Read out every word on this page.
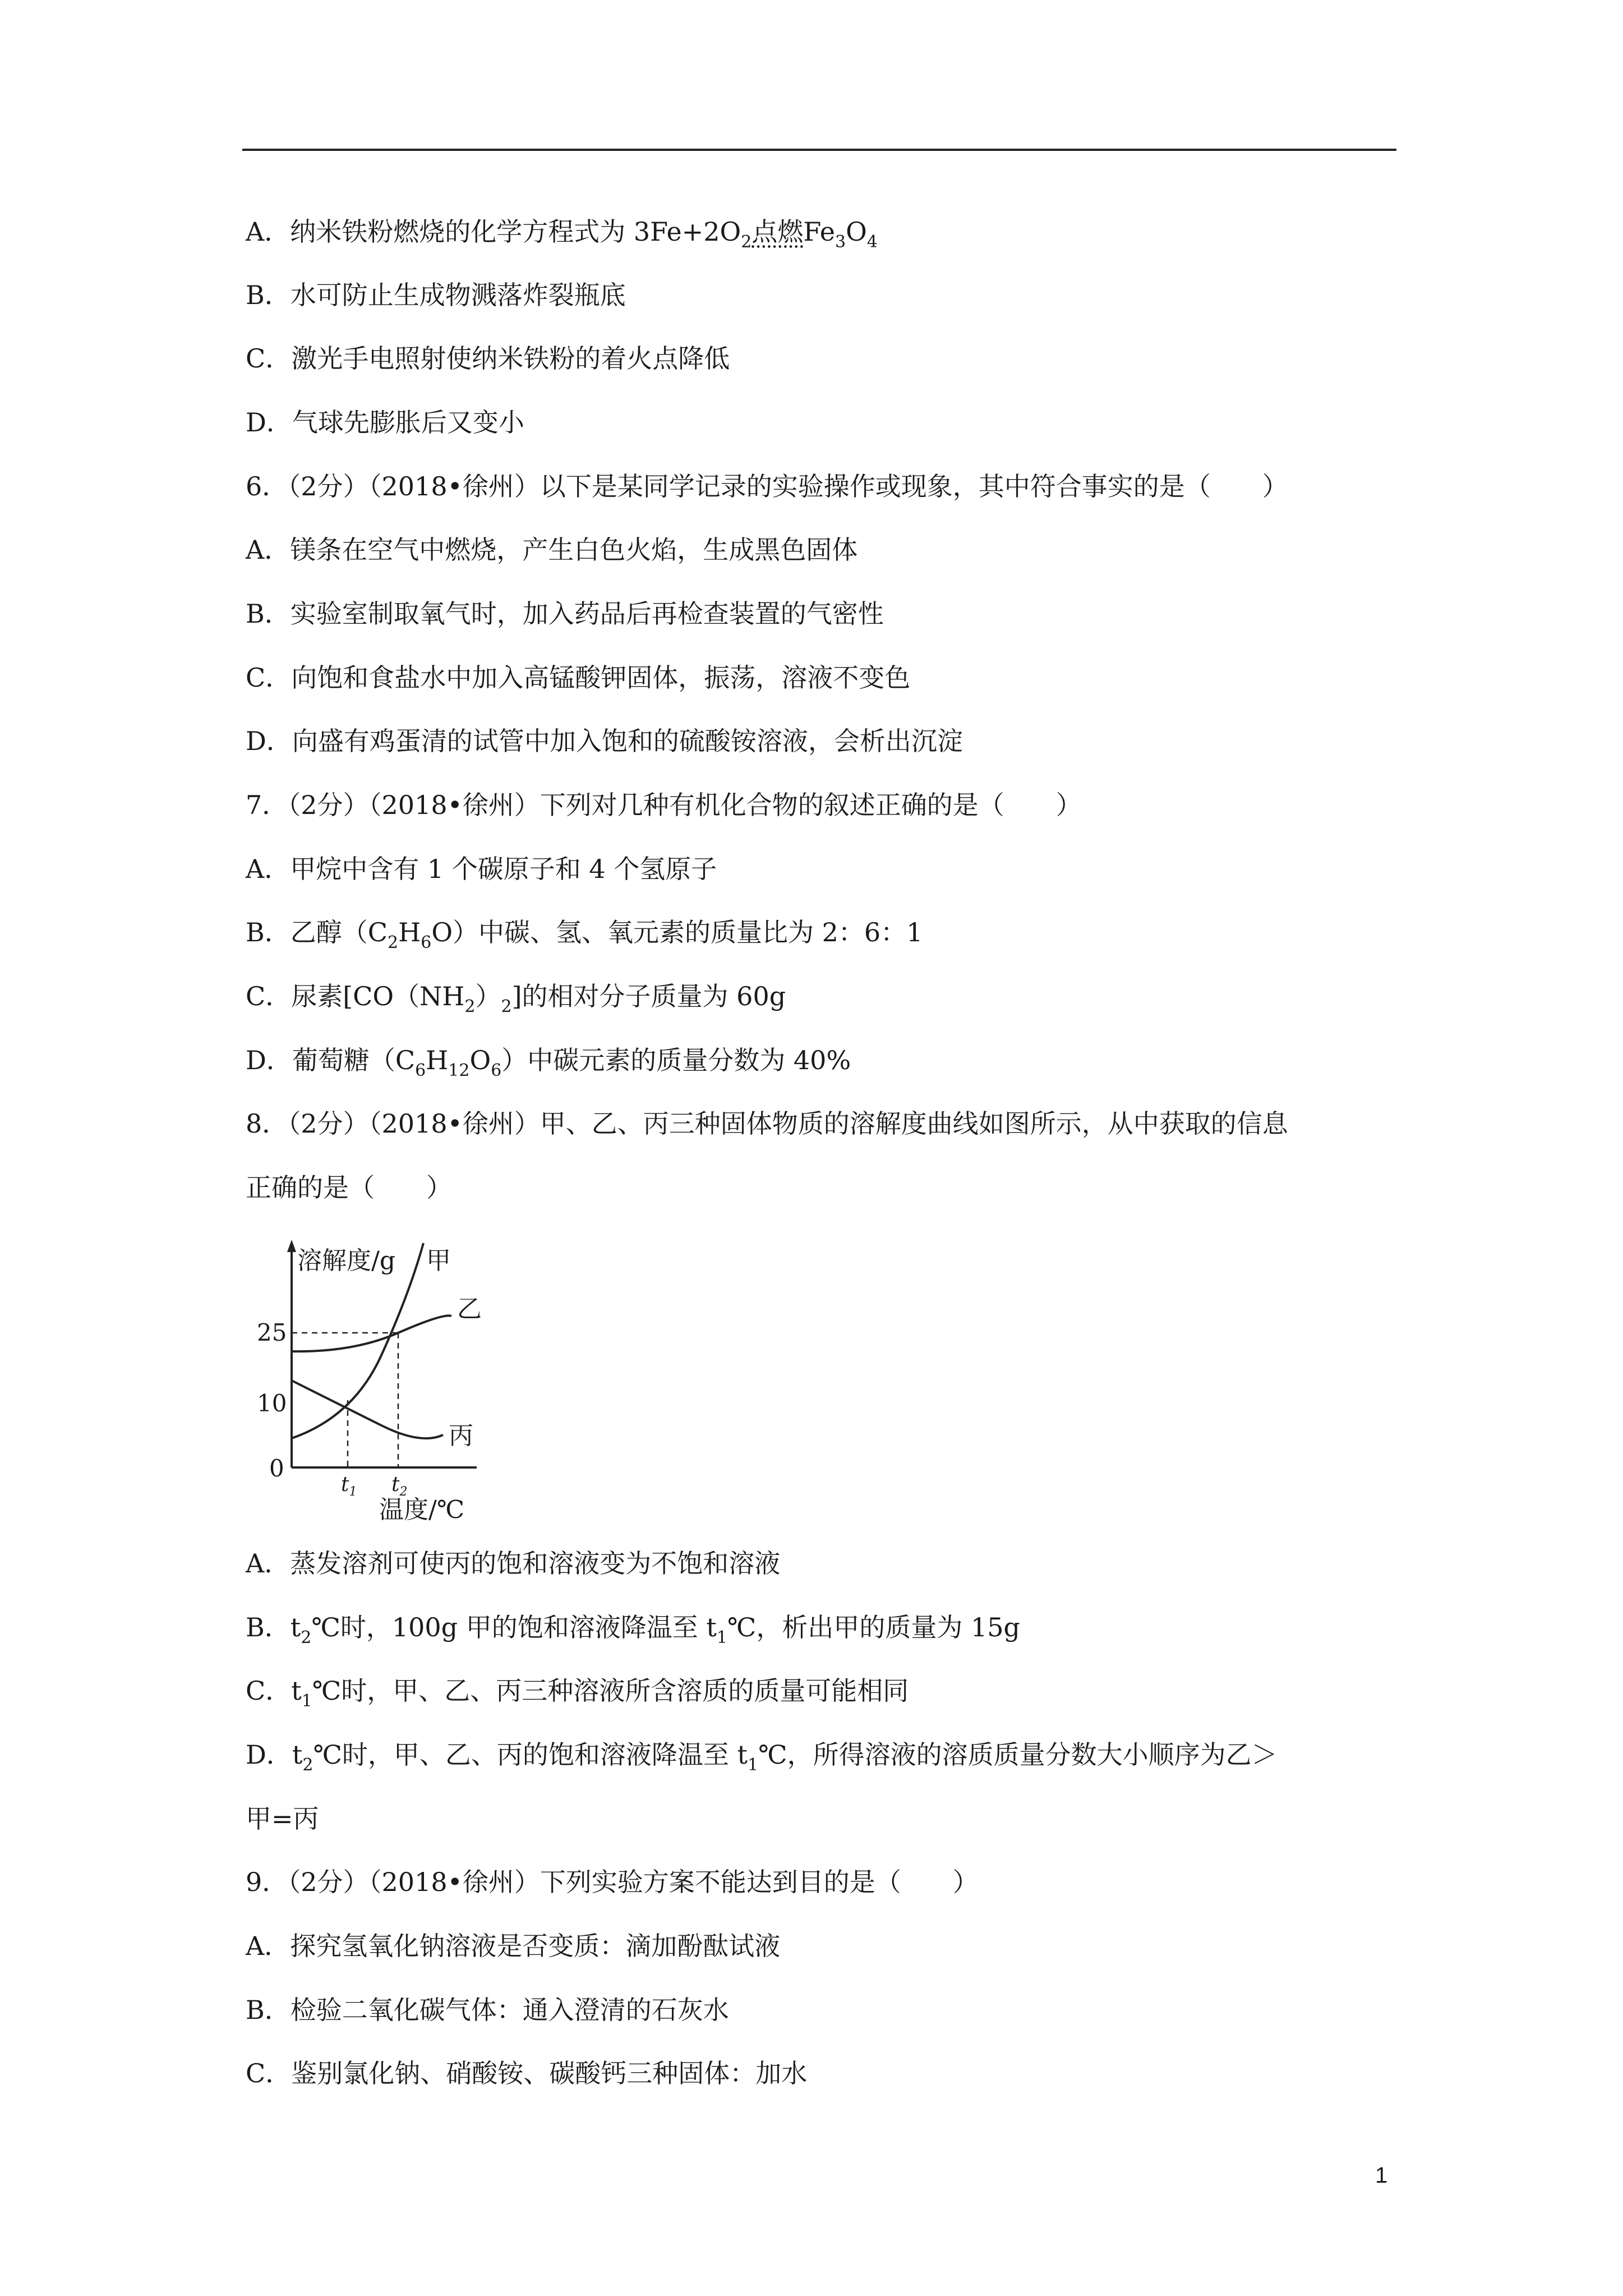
A．纳米铁粉燃烧的化学方程式为 $3Fe+2O_2$点燃$Fe_3O_4$
B．水可防止生成物溅落炸裂瓶底
C．激光手电照射使纳米铁粉的着火点降低
D．气球先膨胀后又变小
6．（2分）（2018•徐州）以下是某同学记录的实验操作或现象，其中符合事实的是（　　）
A．镁条在空气中燃烧，产生白色火焰，生成黑色固体
B．实验室制取氧气时，加入药品后再检查装置的气密性
C．向饱和食盐水中加入高锰酸钾固体，振荡，溶液不变色
D．向盛有鸡蛋清的试管中加入饱和的硫酸铵溶液，会析出沉淀
7．（2分）（2018•徐州）下列对几种有机化合物的叙述正确的是（　　）
A．甲烷中含有 1 个碳原子和 4 个氢原子
B．乙醇$(C_2H_6O)$中碳、氢、氧元素的质量比为 2：6：1
C．尿素$[CO(NH_2)_2]$的相对分子质量为 60g
D．葡萄糖$(C_6H_{12}O_6)$中碳元素的质量分数为 40%
8．（2分）（2018•徐州）甲、乙、丙三种固体物质的溶解度曲线如图所示，从中获取的信息
正确的是（　　）
溶解度/g 甲
乙
丙
25
10
0
$t_1$ $t_2$
温度/℃
A．蒸发溶剂可使丙的饱和溶液变为不饱和溶液
B．$t_2℃$时，100g 甲的饱和溶液降温至 $t_1℃$，析出甲的质量为 15g
C．$t_1℃$时，甲、乙、丙三种溶液所含溶质的质量可能相同
D．$t_2℃$时，甲、乙、丙的饱和溶液降温至 $t_1℃$，所得溶液的溶质质量分数大小顺序为乙＞
甲=丙
9．（2分）（2018•徐州）下列实验方案不能达到目的是（　　）
A．探究氢氧化钠溶液是否变质：滴加酚酞试液
B．检验二氧化碳气体：通入澄清的石灰水
C．鉴别氯化钠、硝酸铵、碳酸钙三种固体：加水
1
